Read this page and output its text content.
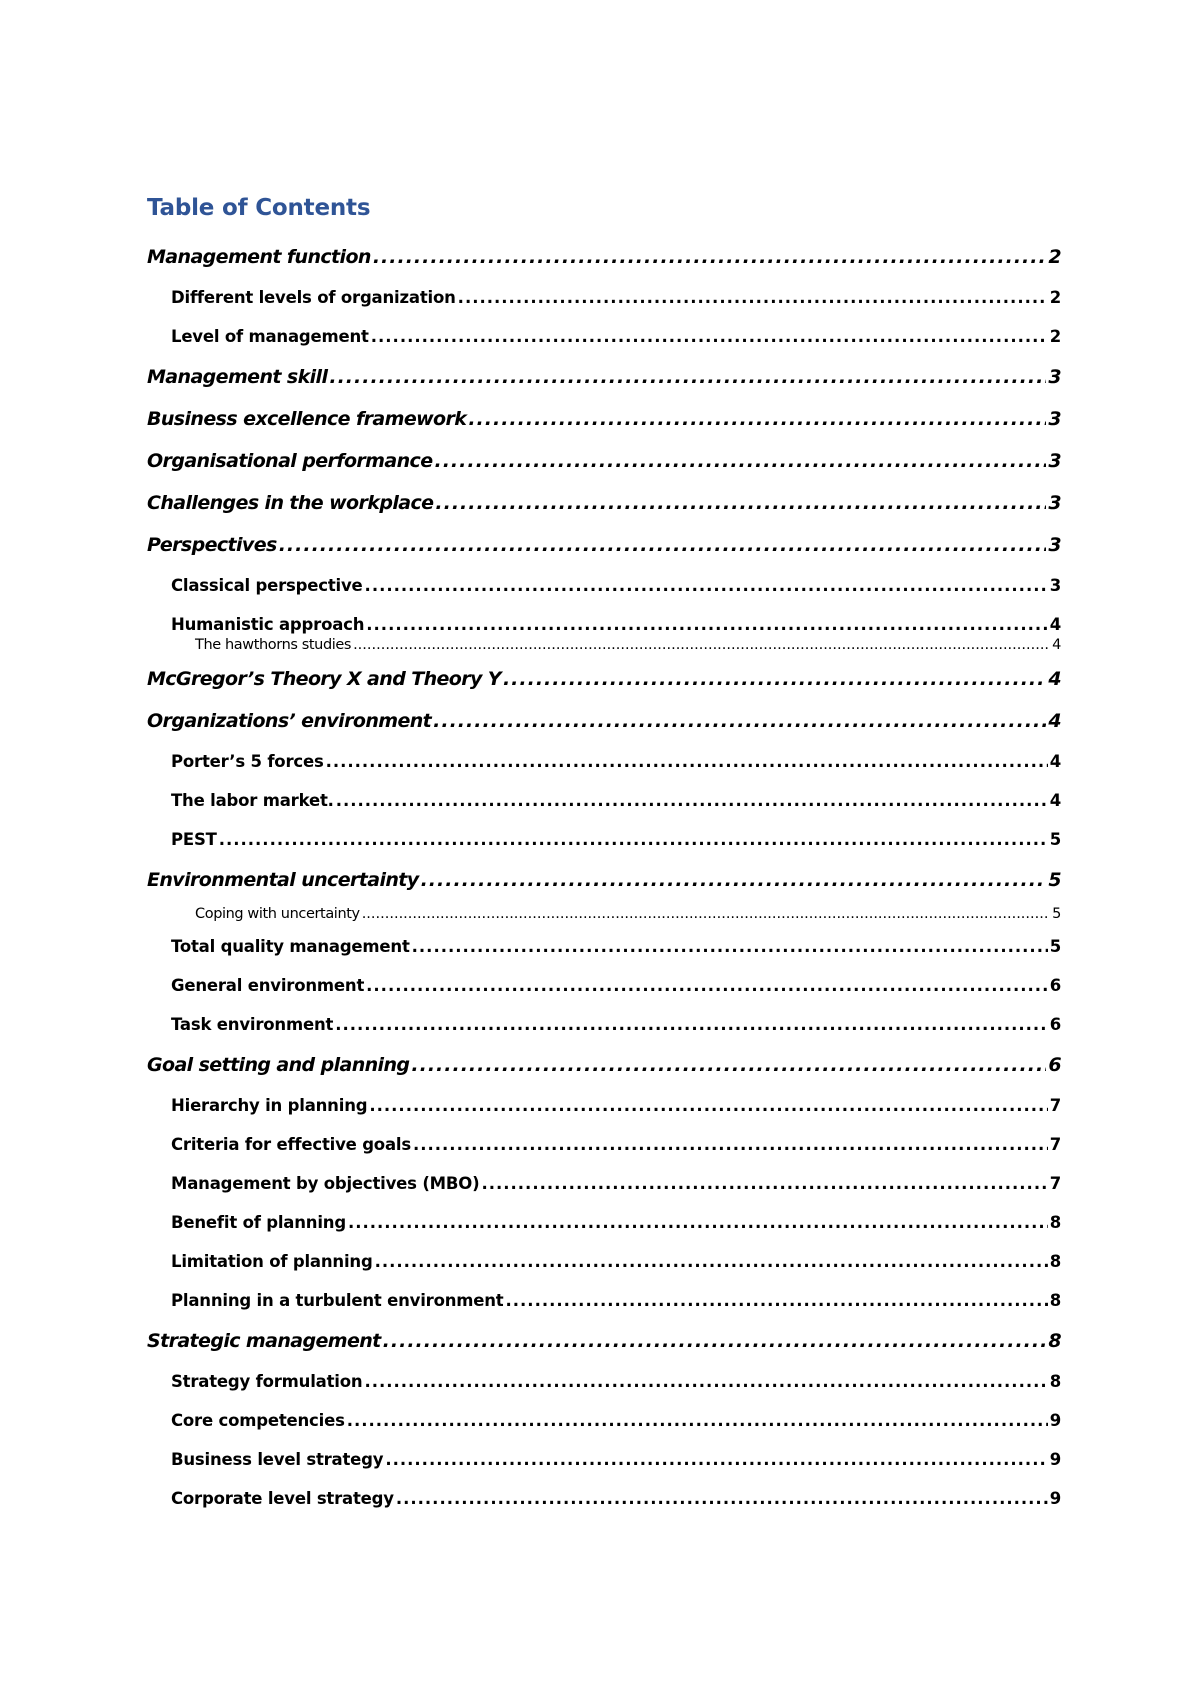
Table of Contents
Management function .....	2
Different levels of organization .....	2
Level of management .....	2
Management skill .....	3
Business excellence framework .....	3
Organisational performance .....	3
Challenges in the workplace .....	3
Perspectives .....	3
Classical perspective .....	3
Humanistic approach .....	4
The hawthorns studies .....	4
McGregor’s Theory X and Theory Y .....	4
Organizations’ environment .....	4
Porter’s 5 forces .....	4
The labor market. .....	4
PEST .....	5
Environmental uncertainty .....	5
Coping with uncertainty .....	5
Total quality management .....	5
General environment .....	6
Task environment .....	6
Goal setting and planning .....	6
Hierarchy in planning .....	7
Criteria for effective goals .....	7
Management by objectives (MBO) .....	7
Benefit of planning .....	8
Limitation of planning .....	8
Planning in a turbulent environment .....	8
Strategic management .....	8
Strategy formulation .....	8
Core competencies .....	9
Business level strategy .....	9
Corporate level strategy .....	9
